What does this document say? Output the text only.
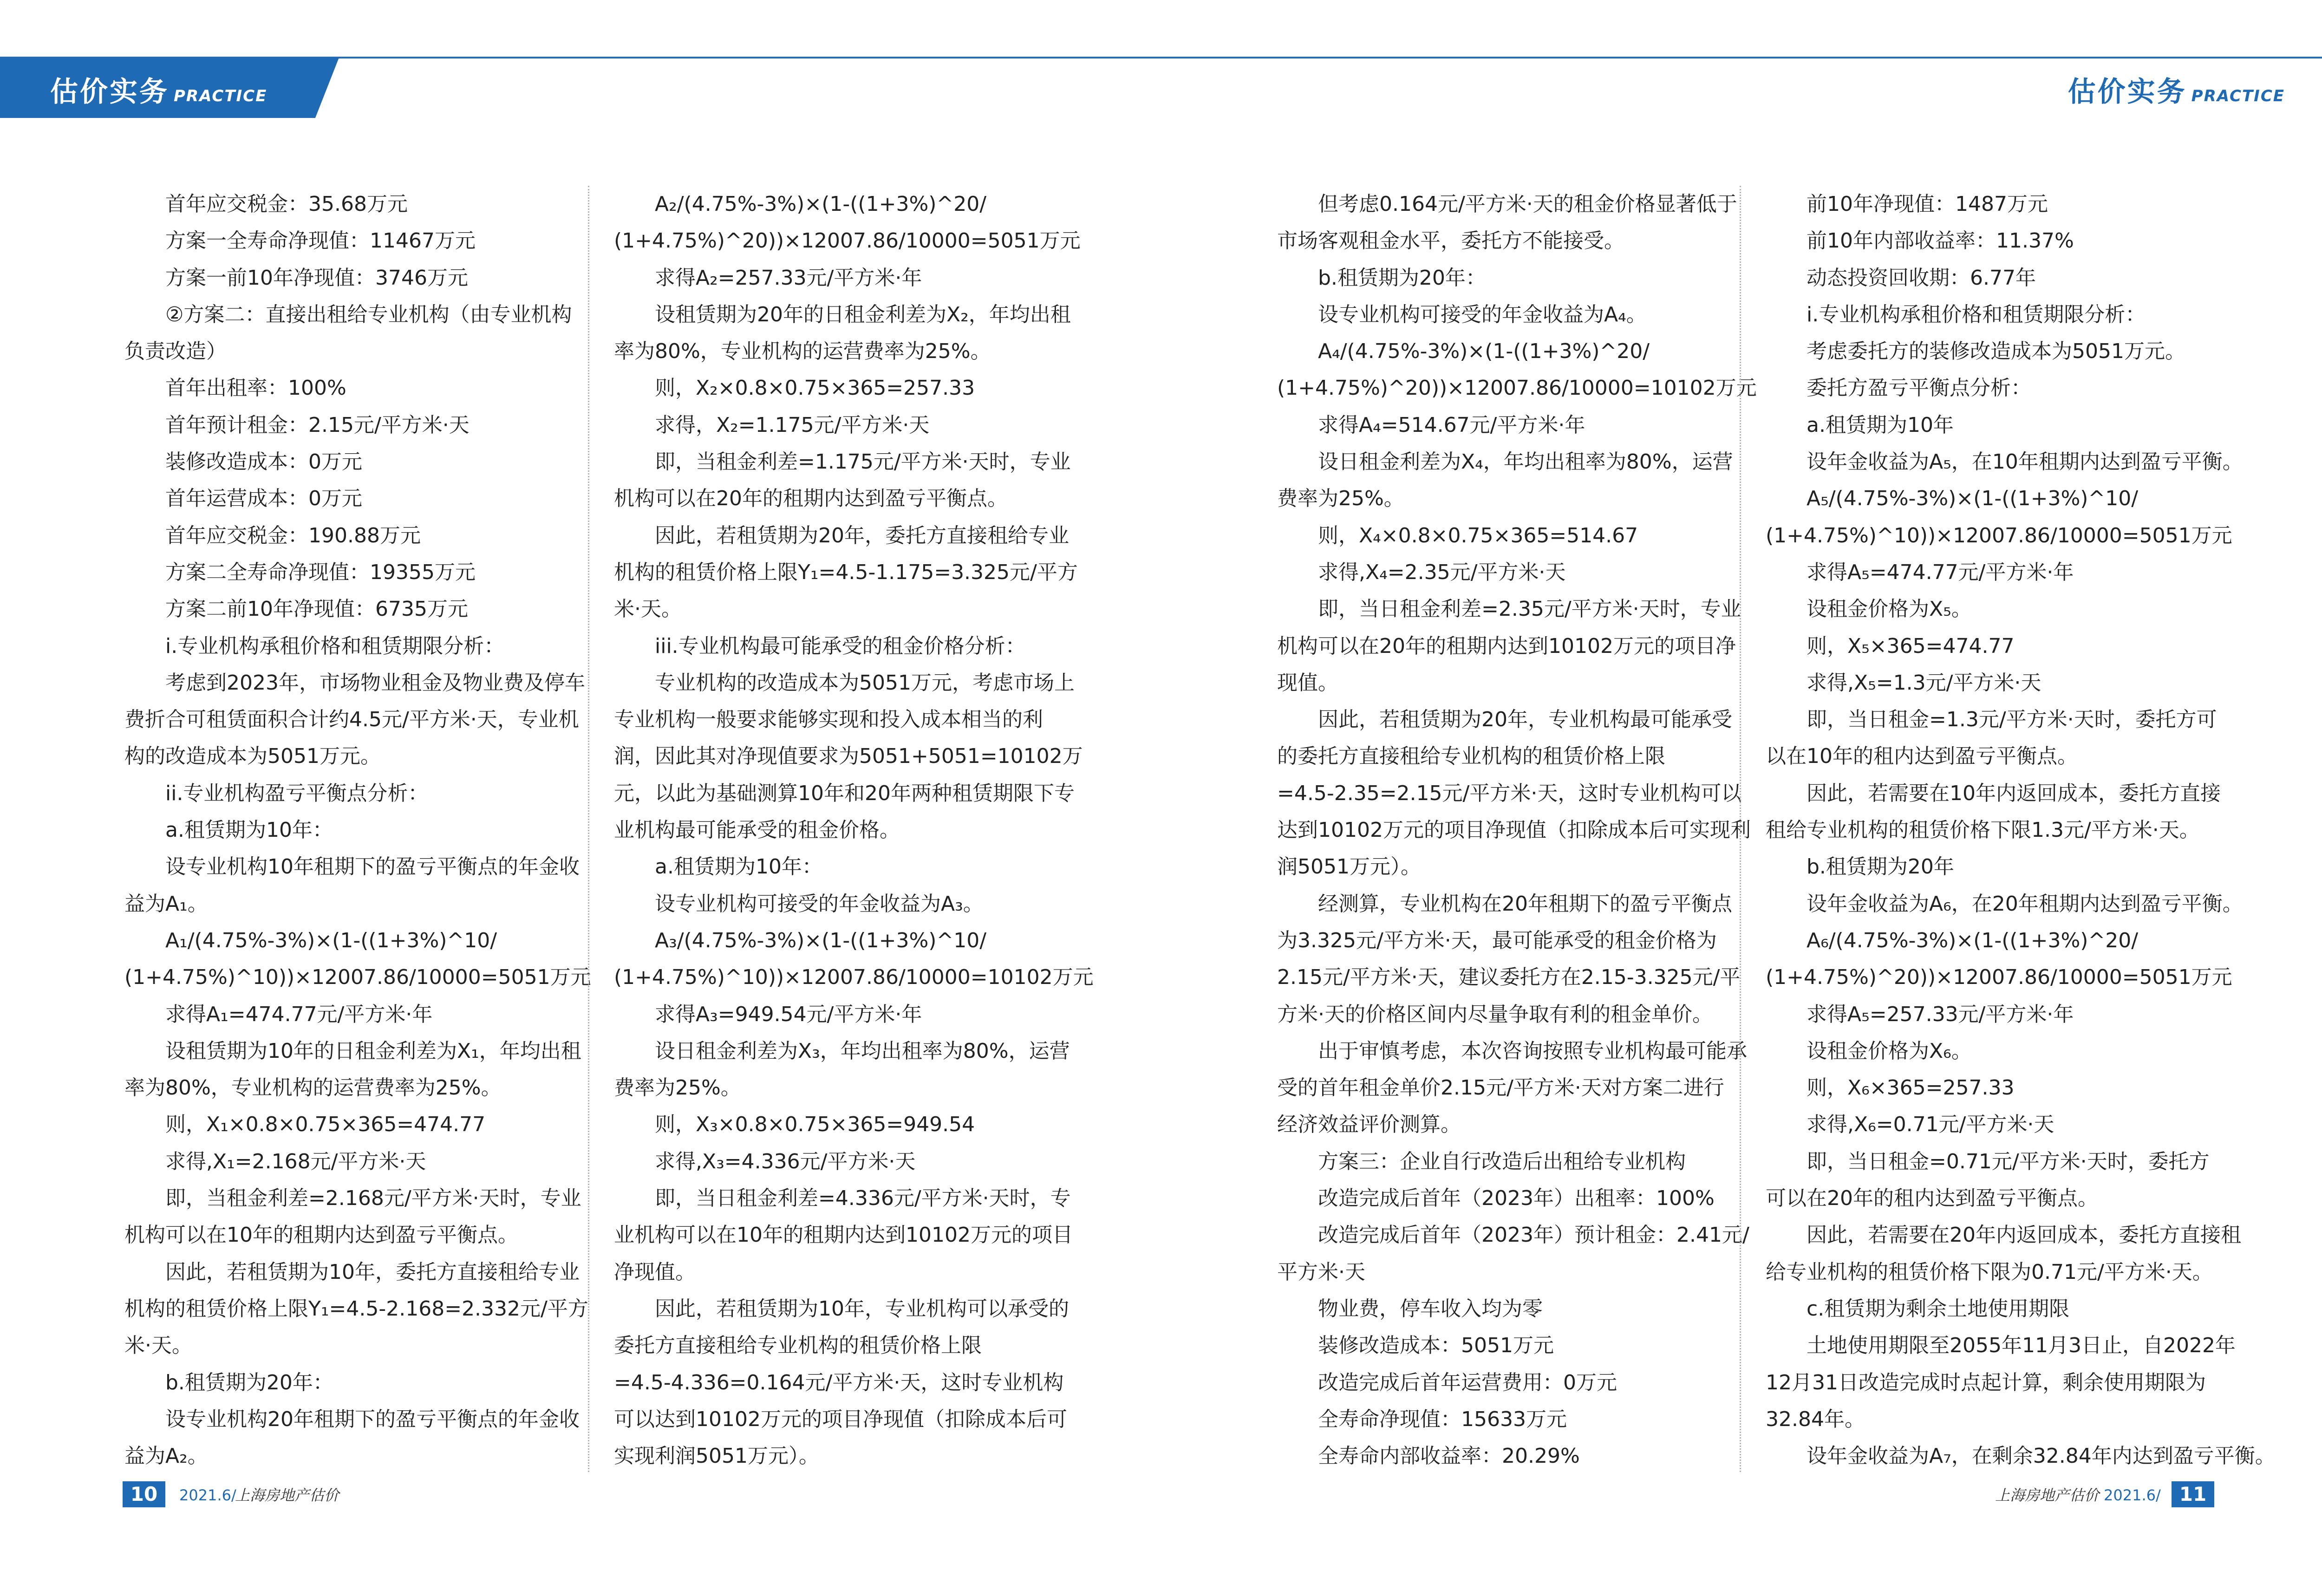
估价实务 PRACTICE	估价实务 PRACTICE

　　首年应交税金：35.68万元

　　方案一全寿命净现值：11467万元

　　方案一前10年净现值：3746万元

　　②方案二：直接出租给专业机构（由专业机构

负责改造）

　　首年出租率：100%

　　首年预计租金：2.15元/平方米·天

　　装修改造成本：0万元

　　首年运营成本：0万元

　　首年应交税金：190.88万元

　　方案二全寿命净现值：19355万元

　　方案二前10年净现值：6735万元

　　i.专业机构承租价格和租赁期限分析：

　　考虑到2023年，市场物业租金及物业费及停车

费折合可租赁面积合计约4.5元/平方米·天，专业机

构的改造成本为5051万元。

　　ii.专业机构盈亏平衡点分析：

　　a.租赁期为10年：

　　设专业机构10年租期下的盈亏平衡点的年金收

益为A₁。

　　A₁/(4.75%-3%)×(1-((1+3%)^10/

(1+4.75%)^10))×12007.86/10000=5051万元

　　求得A₁=474.77元/平方米·年

　　设租赁期为10年的日租金利差为X₁，年均出租

率为80%，专业机构的运营费率为25%。

　　则，X₁×0.8×0.75×365=474.77

　　求得,X₁=2.168元/平方米·天

　　即，当租金利差=2.168元/平方米·天时，专业

机构可以在10年的租期内达到盈亏平衡点。

　　因此，若租赁期为10年，委托方直接租给专业

机构的租赁价格上限Y₁=4.5-2.168=2.332元/平方

米·天。

　　b.租赁期为20年：

　　设专业机构20年租期下的盈亏平衡点的年金收

益为A₂。

　　A₂/(4.75%-3%)×(1-((1+3%)^20/

(1+4.75%)^20))×12007.86/10000=5051万元

　　求得A₂=257.33元/平方米·年

　　设租赁期为20年的日租金利差为X₂，年均出租

率为80%，专业机构的运营费率为25%。

　　则，X₂×0.8×0.75×365=257.33

　　求得，X₂=1.175元/平方米·天

　　即，当租金利差=1.175元/平方米·天时，专业

机构可以在20年的租期内达到盈亏平衡点。

　　因此，若租赁期为20年，委托方直接租给专业

机构的租赁价格上限Y₁=4.5-1.175=3.325元/平方

米·天。

　　iii.专业机构最可能承受的租金价格分析：

　　专业机构的改造成本为5051万元，考虑市场上

专业机构一般要求能够实现和投入成本相当的利

润，因此其对净现值要求为5051+5051=10102万

元，以此为基础测算10年和20年两种租赁期限下专

业机构最可能承受的租金价格。

　　a.租赁期为10年：

　　设专业机构可接受的年金收益为A₃。

　　A₃/(4.75%-3%)×(1-((1+3%)^10/

(1+4.75%)^10))×12007.86/10000=10102万元

　　求得A₃=949.54元/平方米·年

　　设日租金利差为X₃，年均出租率为80%，运营

费率为25%。

　　则，X₃×0.8×0.75×365=949.54

　　求得,X₃=4.336元/平方米·天

　　即，当日租金利差=4.336元/平方米·天时，专

业机构可以在10年的租期内达到10102万元的项目

净现值。

　　因此，若租赁期为10年，专业机构可以承受的

委托方直接租给专业机构的租赁价格上限

=4.5-4.336=0.164元/平方米·天，这时专业机构

可以达到10102万元的项目净现值（扣除成本后可

实现利润5051万元）。

　　但考虑0.164元/平方米·天的租金价格显著低于

市场客观租金水平，委托方不能接受。

　　b.租赁期为20年：

　　设专业机构可接受的年金收益为A₄。

　　A₄/(4.75%-3%)×(1-((1+3%)^20/

(1+4.75%)^20))×12007.86/10000=10102万元

　　求得A₄=514.67元/平方米·年

　　设日租金利差为X₄，年均出租率为80%，运营

费率为25%。

　　则，X₄×0.8×0.75×365=514.67

　　求得,X₄=2.35元/平方米·天

　　即，当日租金利差=2.35元/平方米·天时，专业

机构可以在20年的租期内达到10102万元的项目净

现值。

　　因此，若租赁期为20年，专业机构最可能承受

的委托方直接租给专业机构的租赁价格上限

=4.5-2.35=2.15元/平方米·天，这时专业机构可以

达到10102万元的项目净现值（扣除成本后可实现利

润5051万元）。

　　经测算，专业机构在20年租期下的盈亏平衡点

为3.325元/平方米·天，最可能承受的租金价格为

2.15元/平方米·天，建议委托方在2.15-3.325元/平

方米·天的价格区间内尽量争取有利的租金单价。

　　出于审慎考虑，本次咨询按照专业机构最可能承

受的首年租金单价2.15元/平方米·天对方案二进行

经济效益评价测算。

　　方案三：企业自行改造后出租给专业机构

　　改造完成后首年（2023年）出租率：100%

　　改造完成后首年（2023年）预计租金：2.41元/

平方米·天

　　物业费，停车收入均为零

　　装修改造成本：5051万元

　　改造完成后首年运营费用：0万元

　　全寿命净现值：15633万元

　　全寿命内部收益率：20.29%

　　前10年净现值：1487万元

　　前10年内部收益率：11.37%

　　动态投资回收期：6.77年

　　i.专业机构承租价格和租赁期限分析：

　　考虑委托方的装修改造成本为5051万元。

　　委托方盈亏平衡点分析：

　　a.租赁期为10年

　　设年金收益为A₅，在10年租期内达到盈亏平衡。

　　A₅/(4.75%-3%)×(1-((1+3%)^10/

(1+4.75%)^10))×12007.86/10000=5051万元

　　求得A₅=474.77元/平方米·年

　　设租金价格为X₅。

　　则，X₅×365=474.77

　　求得,X₅=1.3元/平方米·天

　　即，当日租金=1.3元/平方米·天时，委托方可

以在10年的租内达到盈亏平衡点。

　　因此，若需要在10年内返回成本，委托方直接

租给专业机构的租赁价格下限1.3元/平方米·天。

　　b.租赁期为20年

　　设年金收益为A₆，在20年租期内达到盈亏平衡。

　　A₆/(4.75%-3%)×(1-((1+3%)^20/

(1+4.75%)^20))×12007.86/10000=5051万元

　　求得A₅=257.33元/平方米·年

　　设租金价格为X₆。

　　则，X₆×365=257.33

　　求得,X₆=0.71元/平方米·天

　　即，当日租金=0.71元/平方米·天时，委托方

可以在20年的租内达到盈亏平衡点。

　　因此，若需要在20年内返回成本，委托方直接租

给专业机构的租赁价格下限为0.71元/平方米·天。

　　c.租赁期为剩余土地使用期限

　　土地使用期限至2055年11月3日止，自2022年

12月31日改造完成时点起计算，剩余使用期限为

32.84年。

　　设年金收益为A₇，在剩余32.84年内达到盈亏平衡。

10	2021.6/
上海房地产估价	上海房地产估价 2021.6/ 11
